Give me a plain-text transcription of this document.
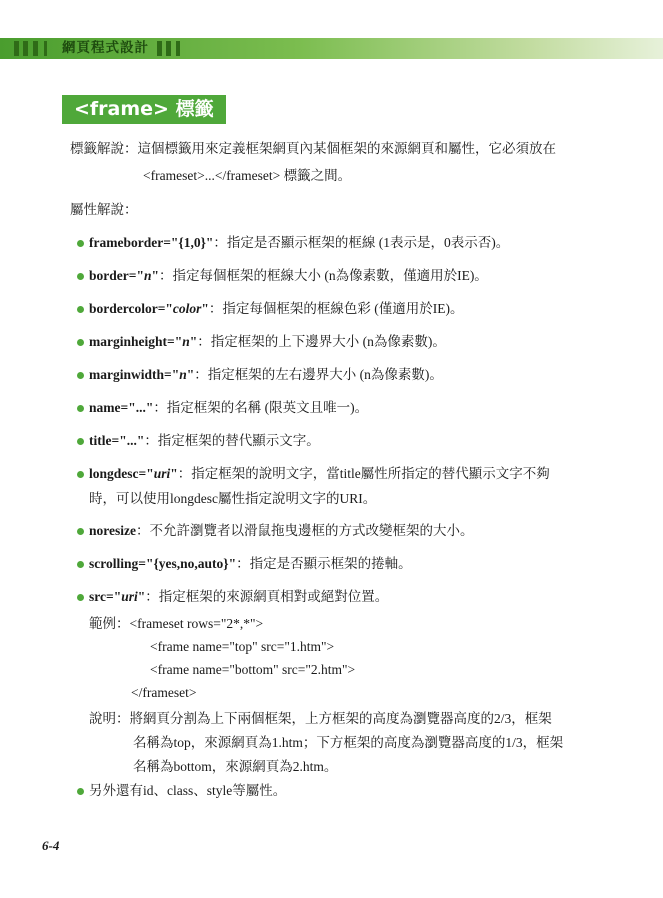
網頁程式設計
<frame> 標籤
標籤解說：這個標籤用來定義框架網頁內某個框架的來源網頁和屬性，它必須放在
<frameset>...</frameset> 標籤之間。
屬性解說：
frameborder="{1,0}"：指定是否顯示框架的框線 (1表示是，0表示否)。
border="n"：指定每個框架的框線大小 (n為像素數，僅適用於IE)。
bordercolor="color"：指定每個框架的框線色彩 (僅適用於IE)。
marginheight="n"：指定框架的上下邊界大小 (n為像素數)。
marginwidth="n"：指定框架的左右邊界大小 (n為像素數)。
name="..."：指定框架的名稱 (限英文且唯一)。
title="..."：指定框架的替代顯示文字。
longdesc="uri"：指定框架的說明文字，當title屬性所指定的替代顯示文字不夠
時，可以使用longdesc屬性指定說明文字的URI。
noresize：不允許瀏覽者以滑鼠拖曳邊框的方式改變框架的大小。
scrolling="{yes,no,auto}"：指定是否顯示框架的捲軸。
src="uri"：指定框架的來源網頁相對或絕對位置。
範例：<frameset rows="2*,*">
<frame name="top" src="1.htm">
<frame name="bottom" src="2.htm">
</frameset>
說明：將網頁分割為上下兩個框架，上方框架的高度為瀏覽器高度的2/3，框架
名稱為top，來源網頁為1.htm；下方框架的高度為瀏覽器高度的1/3，框架
名稱為bottom，來源網頁為2.htm。
另外還有id、class、style等屬性。
6-4
